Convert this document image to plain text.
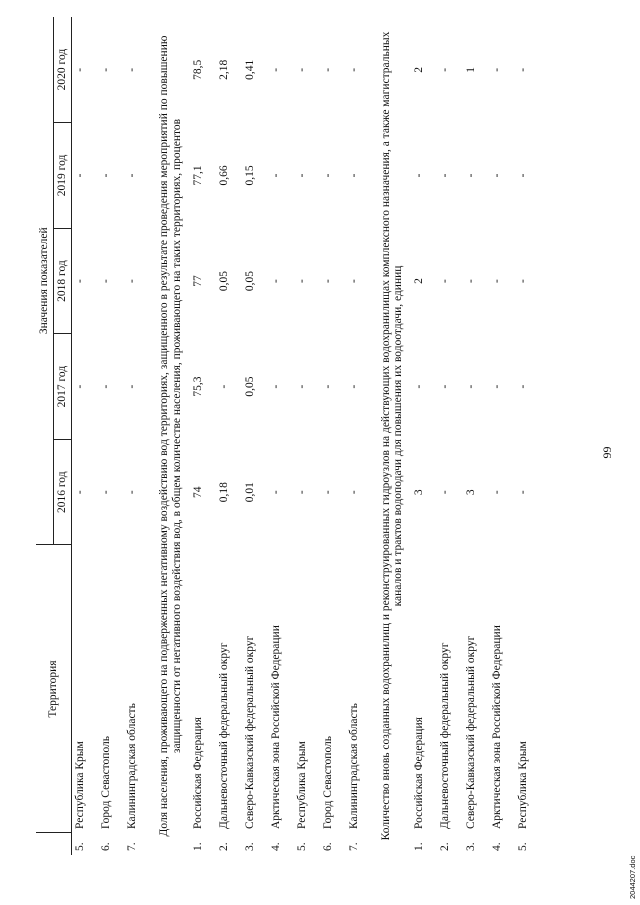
99
	Территория	Значения показателей				
		2016 год	2017 год	2018 год	2019 год	2020 год
5.	Республика Крым	-	-	-	-	-
6.	Город Севастополь	-	-	-	-	-
7.	Калининградская область	-	-	-	-	-
Доля населения, проживающего на подверженных негативному воздействию вод территориях, защищенного в результате проведения мероприятий по повышению защищенности от негативного воздействия вод, в общем количестве населения, проживающего на таких территориях, процентов						
1.	Российская Федерация	74	75,3	77	77,1	78,5
2.	Дальневосточный федеральный округ	0,18	-	0,05	0,66	2,18
3.	Северо-Кавказский федеральный округ	0,01	0,05	0,05	0,15	0,41
4.	Арктическая зона Российской Федерации	-	-	-	-	-
5.	Республика Крым	-	-	-	-	-
6.	Город Севастополь	-	-	-	-	-
7.	Калининградская область	-	-	-	-	-
Количество вновь созданных водохранилищ и реконструированных гидроузлов на действующих водохранилищах комплексного назначения, а также магистральных каналов и трактов водоподачи для повышения их водоотдачи, единиц						
1.	Российская Федерация	3	-	2	-	2
2.	Дальневосточный федеральный округ	-	-	-	-	-
3.	Северо-Кавказский федеральный округ	3	-	-	-	1
4.	Арктическая зона Российской Федерации	-	-	-	-	-
5.	Республика Крым	-	-	-	-	-
2044207.doc
